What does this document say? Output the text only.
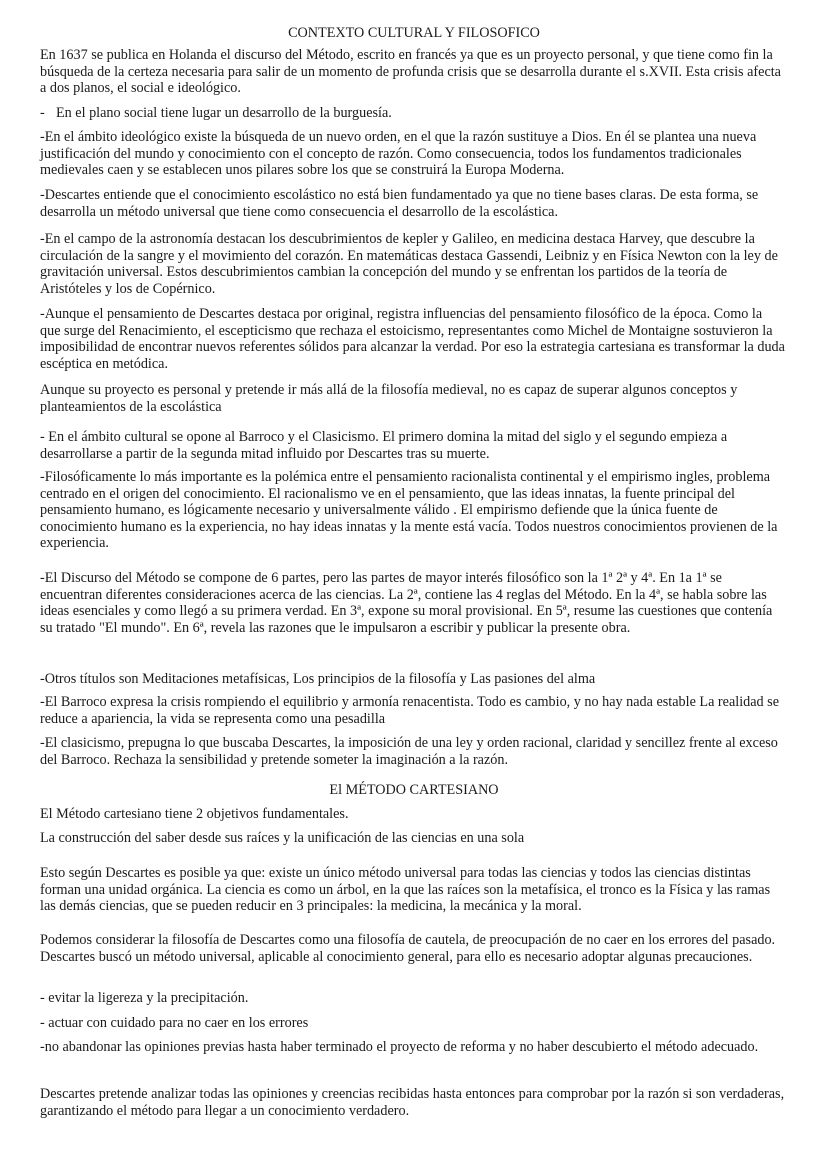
CONTEXTO CULTURAL Y FILOSOFICO
En 1637 se publica en Holanda el discurso del Método, escrito en francés ya que es un proyecto personal, y que tiene como fin la búsqueda de la certeza necesaria para salir de un momento de profunda crisis que se desarrolla durante el s.XVII. Esta crisis afecta a dos planos, el social e ideológico.
- En el plano social tiene lugar un desarrollo de la burguesía.
-En el ámbito ideológico existe la búsqueda de un nuevo orden, en el que la razón sustituye a Dios. En él se plantea una nueva justificación del mundo y conocimiento con el concepto de razón. Como consecuencia, todos los fundamentos tradicionales medievales caen y se establecen unos pilares sobre los que se construirá la Europa Moderna.
-Descartes entiende que el conocimiento escolástico no está bien fundamentado ya que no tiene bases claras. De esta forma, se desarrolla un método universal que tiene como consecuencia el desarrollo de la escolástica.
-En el campo de la astronomía destacan los descubrimientos de kepler y Galileo, en medicina destaca Harvey, que descubre la circulación de la sangre y el movimiento del corazón. En matemáticas destaca Gassendi, Leibniz y en Física Newton con la ley de gravitación universal. Estos descubrimientos cambian la concepción del mundo y se enfrentan los partidos de la teoría de Aristóteles y los de Copérnico.
-Aunque el pensamiento de Descartes destaca por original, registra influencias del pensamiento filosófico de la época. Como la que surge del Renacimiento, el escepticismo que rechaza el estoicismo, representantes como Michel de Montaigne sostuvieron la imposibilidad de encontrar nuevos referentes sólidos para alcanzar la verdad. Por eso la estrategia cartesiana es transformar la duda escéptica en metódica.
Aunque su proyecto es personal y pretende ir más allá de la filosofía medieval, no es capaz de superar algunos conceptos y planteamientos de la escolástica
- En el ámbito cultural se opone al Barroco y el Clasicismo. El primero domina la mitad del siglo y el segundo empieza a desarrollarse a partir de la segunda mitad influido por Descartes tras su muerte.
-Filosóficamente lo más importante es la polémica entre el pensamiento racionalista continental y el empirismo ingles, problema centrado en el origen del conocimiento. El racionalismo ve en el pensamiento, que las ideas innatas, la fuente principal del pensamiento humano, es lógicamente necesario y universalmente válido . El empirismo defiende que la única fuente de conocimiento humano es la experiencia, no hay ideas innatas y la mente está vacía. Todos nuestros conocimientos provienen de la experiencia.
-El Discurso del Método se compone de 6 partes, pero las partes de mayor interés filosófico son la 1ª 2ª y 4ª. En 1a 1ª se encuentran diferentes consideraciones acerca de las ciencias. La 2ª, contiene las 4 reglas del Método. En la 4ª, se habla sobre las ideas esenciales y como llegó a su primera verdad. En 3ª, expone su moral provisional. En 5ª, resume las cuestiones que contenía su tratado "El mundo". En 6ª, revela las razones que le impulsaron a escribir y publicar la presente obra.
-Otros títulos son Meditaciones metafísicas, Los principios de la filosofía y Las pasiones del alma
-El Barroco expresa la crisis rompiendo el equilibrio y armonía renacentista. Todo es cambio, y no hay nada estable La realidad se reduce a apariencia, la vida se representa como una pesadilla
-El clasicismo, prepugna lo que buscaba Descartes, la imposición de una ley y orden racional, claridad y sencillez frente al exceso del Barroco. Rechaza la sensibilidad y pretende someter la imaginación a la razón.
El MÉTODO CARTESIANO
El Método cartesiano tiene 2 objetivos fundamentales.
La construcción del saber desde sus raíces y la unificación de las ciencias en una sola
Esto según Descartes es posible ya que: existe un único método universal para todas las ciencias y todos las ciencias distintas forman una unidad orgánica. La ciencia es como un árbol, en la que las raíces son la metafísica, el tronco es la Física y las ramas las demás ciencias, que se pueden reducir en 3 principales: la medicina, la mecánica y la moral.
Podemos considerar la filosofía de Descartes como una filosofía de cautela, de preocupación de no caer en los errores del pasado. Descartes buscó un método universal, aplicable al conocimiento general, para ello es necesario adoptar algunas precauciones.
- evitar la ligereza y la precipitación.
- actuar con cuidado para no caer en los errores
-no abandonar las opiniones previas hasta haber terminado el proyecto de reforma y no haber descubierto el método adecuado.
Descartes pretende analizar todas las opiniones y creencias recibidas hasta entonces para comprobar por la razón si son verdaderas, garantizando el método para llegar a un conocimiento verdadero.
